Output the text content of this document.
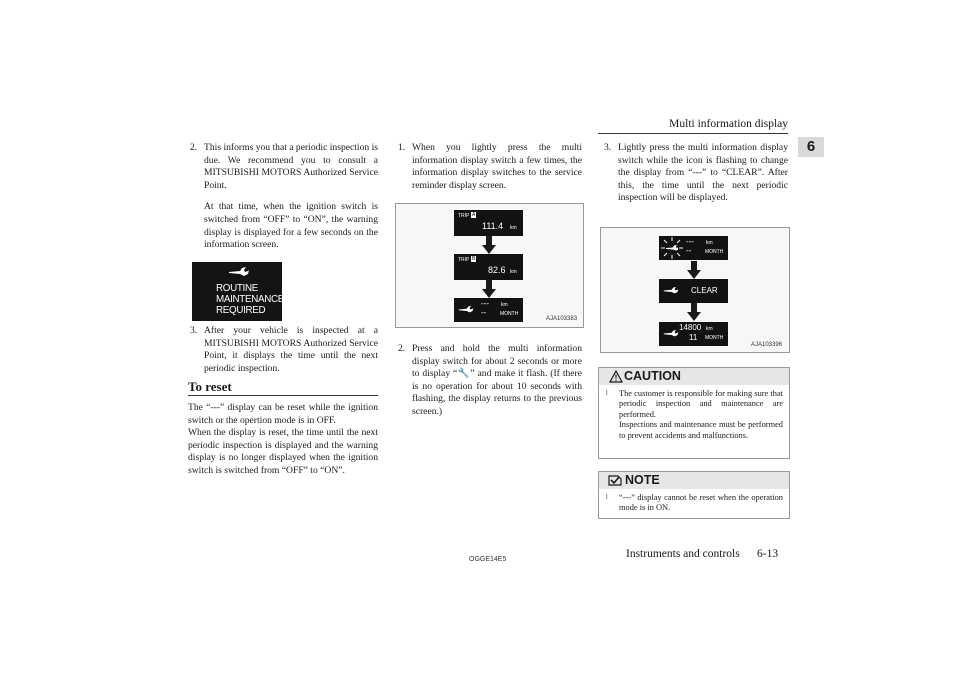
Multi information display
6
2. This informs you that a periodic inspection is due. We recommend you to consult a MITSUBISHI MOTORS Authorized Service Point.
At that time, when the ignition switch is switched from “OFF” to “ON”, the warning display is displayed for a few seconds on the information screen.
ROUTINE
MAINTENANCE
REQUIRED
3. After your vehicle is inspected at a MITSUBISHI MOTORS Authorized Service Point, it displays the time until the next periodic inspection.
To reset

The “---” display can be reset while the ignition switch or the opertion mode is in OFF.

When the display is reset, the time until the next periodic inspection is displayed and the warning display is no longer displayed when the ignition switch is switched from “OFF” to “ON”.

1. When you lightly press the multi information display switch a few times, the information display switches to the service reminder display screen.
TRIP A
111.4 km
TRIP B
82.6 km
---
--
km
MONTH
AJA103383
2. Press and hold the multi information display switch for about 2 seconds or more to display “🔧” and make it flash. (If there is no operation for about 10 seconds with flashing, the display returns to the previous screen.)
3. Lightly press the multi information display switch while the icon is flashing to change the display from “---” to “CLEAR”. After this, the time until the next periodic inspection will be displayed.
---
--
km
MONTH
CLEAR
14800
11
km
MONTH
AJA103396
CAUTION
l The customer is responsible for making sure that periodic inspection and maintenance are performed.

Inspections and maintenance must be performed to prevent accidents and malfunctions.

NOTE
l “---” display cannot be reset when the operation mode is in ON.

OGGE14E5	Instruments and controls 6-13
